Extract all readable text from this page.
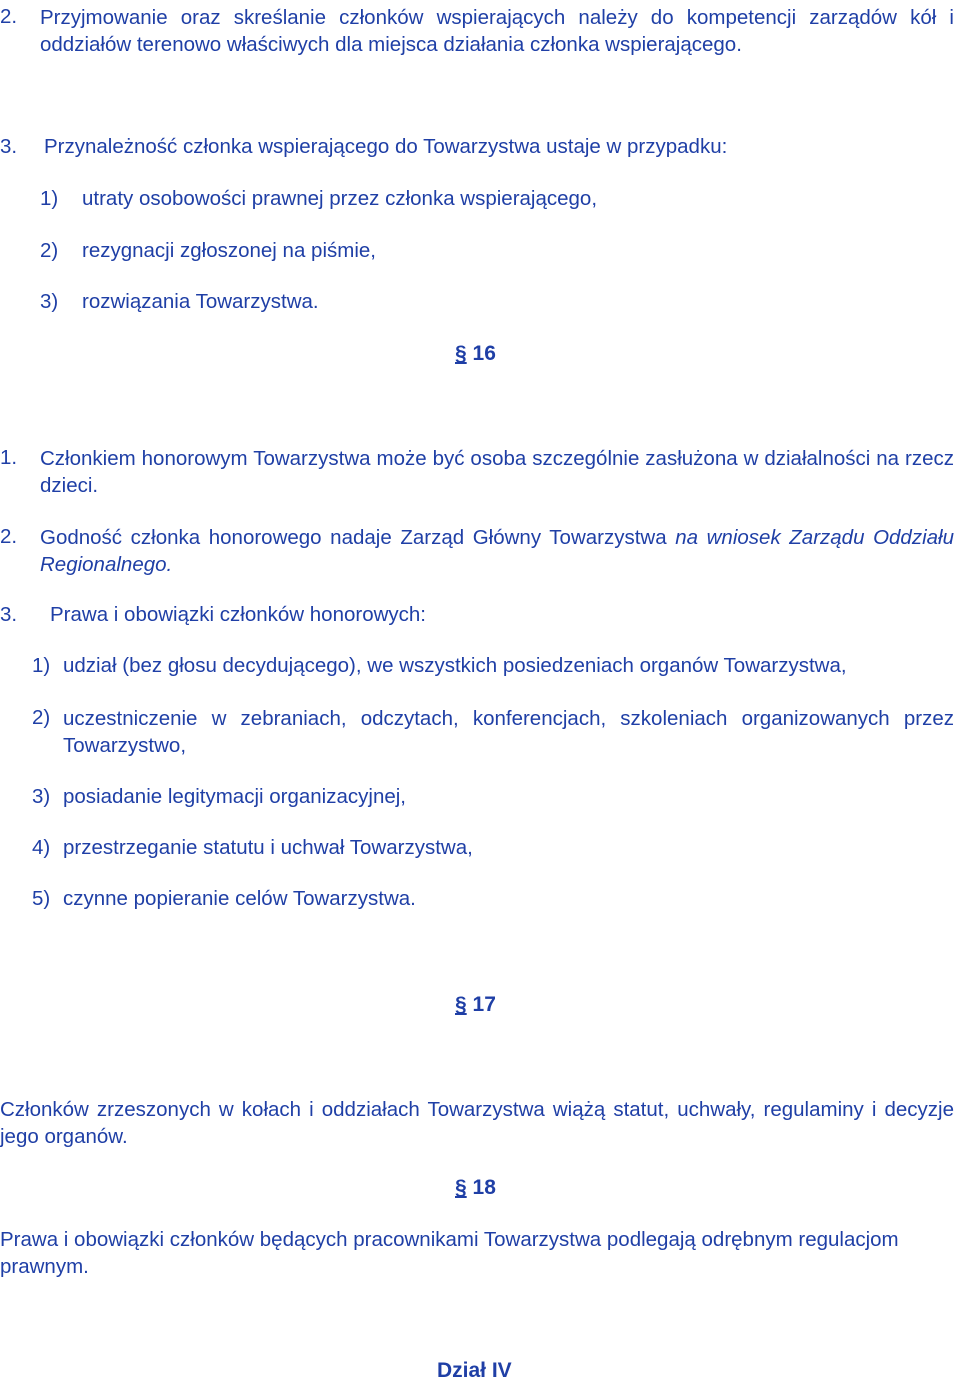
2. Przyjmowanie oraz skreślanie członków wspierających należy do kompetencji zarządów kół i oddziałów terenowo właściwych dla miejsca działania członka wspierającego.
3. Przynależność członka wspierającego do Towarzystwa ustaje w przypadku:
1) utraty osobowości prawnej przez członka wspierającego,
2) rezygnacji zgłoszonej na piśmie,
3) rozwiązania Towarzystwa.
§ 16
1. Członkiem honorowym Towarzystwa może być osoba szczególnie zasłużona w działalności na rzecz dzieci.
2. Godność członka honorowego nadaje Zarząd Główny Towarzystwa na wniosek Zarządu Oddziału Regionalnego.
3. Prawa i obowiązki członków honorowych:
1) udział (bez głosu decydującego), we wszystkich posiedzeniach organów Towarzystwa,
2) uczestniczenie w zebraniach, odczytach, konferencjach, szkoleniach organizowanych przez Towarzystwo,
3) posiadanie legitymacji organizacyjnej,
4) przestrzeganie statutu i uchwał Towarzystwa,
5) czynne popieranie celów Towarzystwa.
§ 17
Członków zrzeszonych w kołach i oddziałach Towarzystwa wiążą statut, uchwały, regulaminy i decyzje jego organów.
§ 18
Prawa i obowiązki członków będących pracownikami Towarzystwa podlegają odrębnym regulacjom prawnym.
Dział IV
